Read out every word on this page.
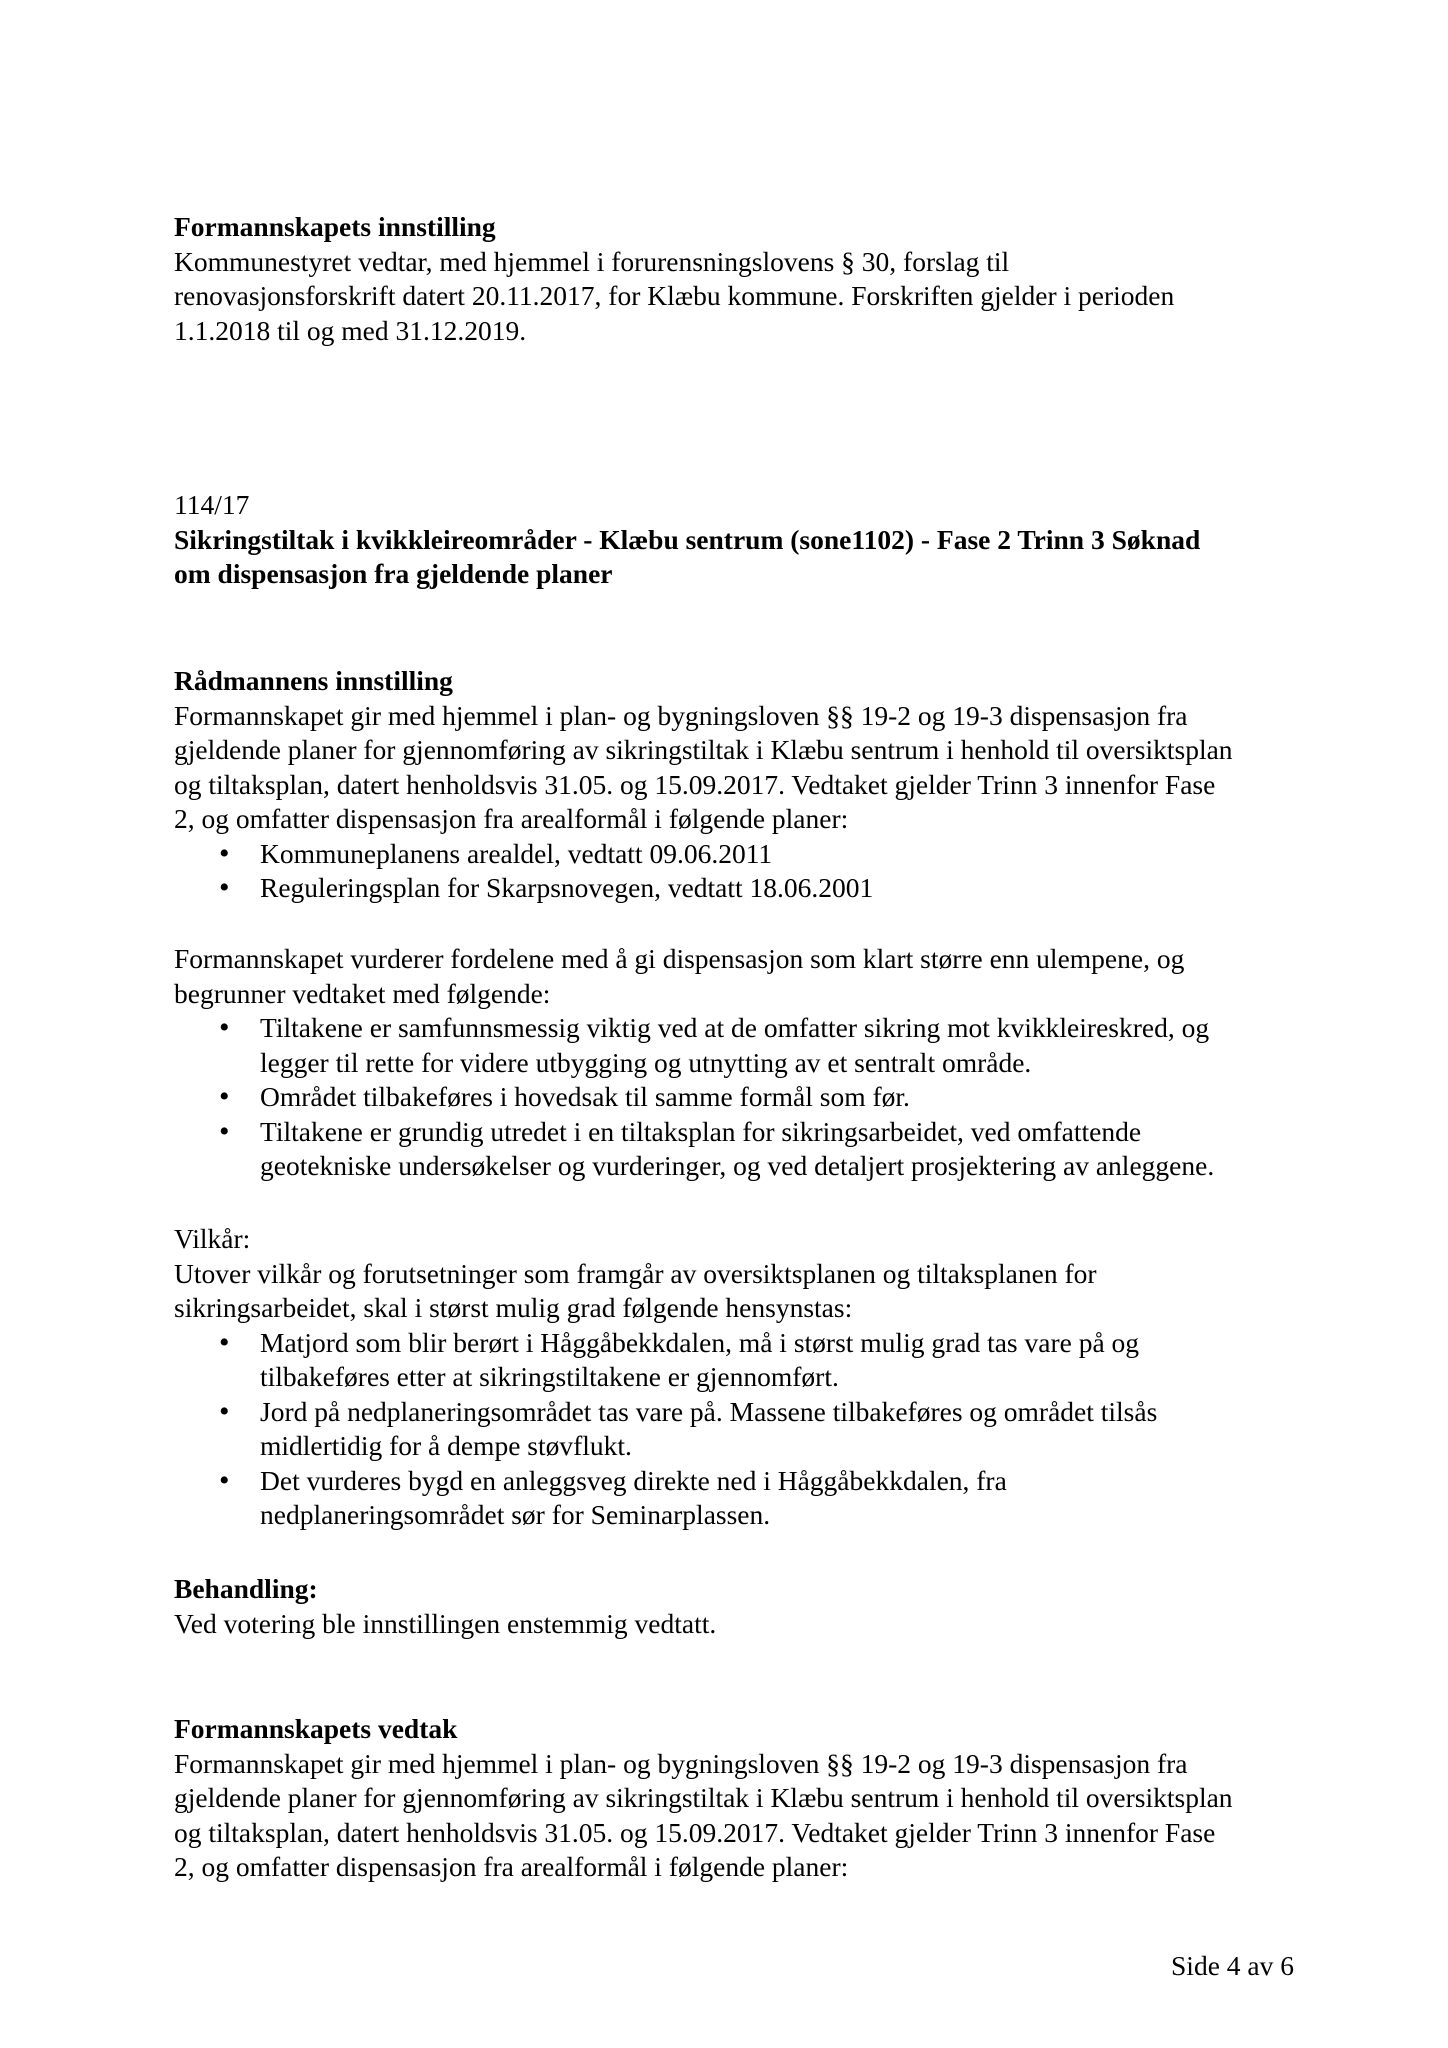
Formannskapets innstilling

Kommunestyret vedtar, med hjemmel i forurensningslovens § 30, forslag til

renovasjonsforskrift datert 20.11.2017, for Klæbu kommune. Forskriften gjelder i perioden

1.1.2018 til og med 31.12.2019.

114/17

Sikringstiltak i kvikkleireområder - Klæbu sentrum (sone1102) - Fase 2 Trinn 3 Søknad

om dispensasjon fra gjeldende planer

Rådmannens innstilling

Formannskapet gir med hjemmel i plan- og bygningsloven §§ 19-2 og 19-3 dispensasjon fra

gjeldende planer for gjennomføring av sikringstiltak i Klæbu sentrum i henhold til oversiktsplan

og tiltaksplan, datert henholdsvis 31.05. og 15.09.2017. Vedtaket gjelder Trinn 3 innenfor Fase

2, og omfatter dispensasjon fra arealformål i følgende planer:

• Kommuneplanens arealdel, vedtatt 09.06.2011
• Reguleringsplan for Skarpsnovegen, vedtatt 18.06.2001

Formannskapet vurderer fordelene med å gi dispensasjon som klart større enn ulempene, og

begrunner vedtaket med følgende:

• Tiltakene er samfunnsmessig viktig ved at de omfatter sikring mot kvikkleireskred, og
legger til rette for videre utbygging og utnytting av et sentralt område.
• Området tilbakeføres i hovedsak til samme formål som før.
• Tiltakene er grundig utredet i en tiltaksplan for sikringsarbeidet, ved omfattende
geotekniske undersøkelser og vurderinger, og ved detaljert prosjektering av anleggene.

Vilkår:

Utover vilkår og forutsetninger som framgår av oversiktsplanen og tiltaksplanen for

sikringsarbeidet, skal i størst mulig grad følgende hensynstas:

• Matjord som blir berørt i Håggåbekkdalen, må i størst mulig grad tas vare på og
tilbakeføres etter at sikringstiltakene er gjennomført.
• Jord på nedplaneringsområdet tas vare på. Massene tilbakeføres og området tilsås
midlertidig for å dempe støvflukt.
• Det vurderes bygd en anleggsveg direkte ned i Håggåbekkdalen, fra
nedplaneringsområdet sør for Seminarplassen.

Behandling:

Ved votering ble innstillingen enstemmig vedtatt.

Formannskapets vedtak

Formannskapet gir med hjemmel i plan- og bygningsloven §§ 19-2 og 19-3 dispensasjon fra

gjeldende planer for gjennomføring av sikringstiltak i Klæbu sentrum i henhold til oversiktsplan

og tiltaksplan, datert henholdsvis 31.05. og 15.09.2017. Vedtaket gjelder Trinn 3 innenfor Fase

2, og omfatter dispensasjon fra arealformål i følgende planer:

Side 4 av 6
